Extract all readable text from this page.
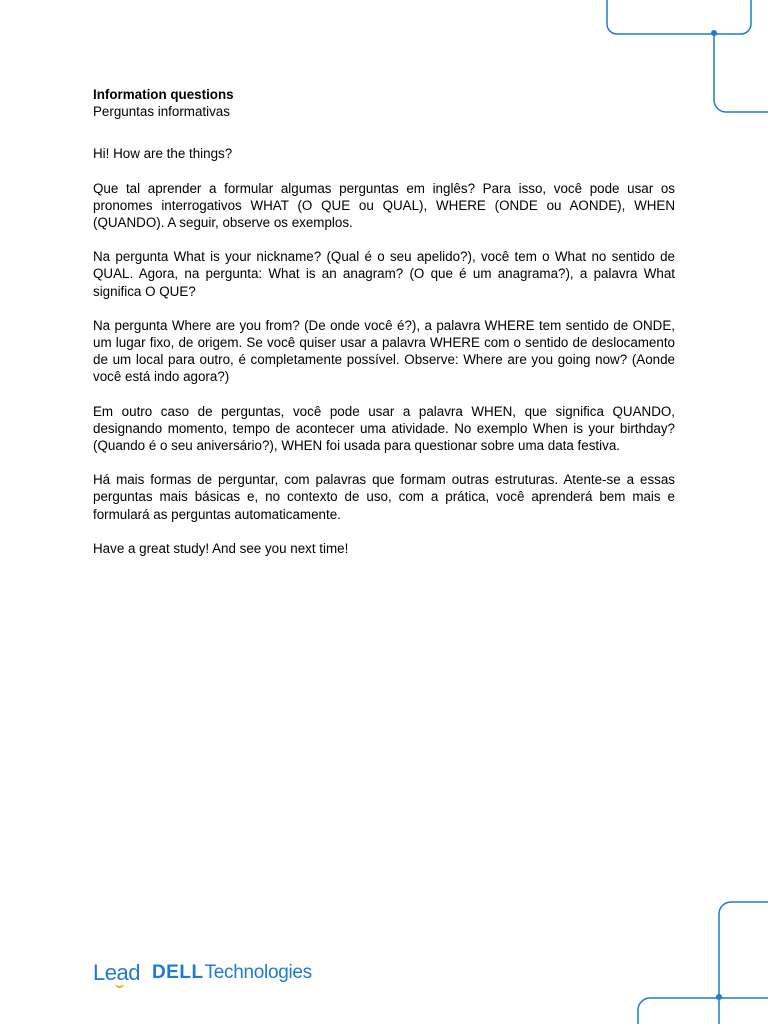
Information questions

Perguntas informativas

Hi! How are the things?

Que tal aprender a formular algumas perguntas em inglês? Para isso, você pode usar os pronomes interrogativos WHAT (O QUE ou QUAL), WHERE (ONDE ou AONDE), WHEN (QUANDO). A seguir, observe os exemplos.

Na pergunta What is your nickname? (Qual é o seu apelido?), você tem o What no sentido de QUAL. Agora, na pergunta: What is an anagram? (O que é um anagrama?), a palavra What significa O QUE?

Na pergunta Where are you from? (De onde você é?), a palavra WHERE tem sentido de ONDE, um lugar fixo, de origem. Se você quiser usar a palavra WHERE com o sentido de deslocamento de um local para outro, é completamente possível. Observe: Where are you going now? (Aonde você está indo agora?)

Em outro caso de perguntas, você pode usar a palavra WHEN, que significa QUANDO, designando momento, tempo de acontecer uma atividade. No exemplo When is your birthday? (Quando é o seu aniversário?), WHEN foi usada para questionar sobre uma data festiva.

Há mais formas de perguntar, com palavras que formam outras estruturas. Atente-se a essas perguntas mais básicas e, no contexto de uso, com a prática, você aprenderá bem mais e formulará as perguntas automaticamente.

Have a great study! And see you next time!

Lead DELL Technologies
